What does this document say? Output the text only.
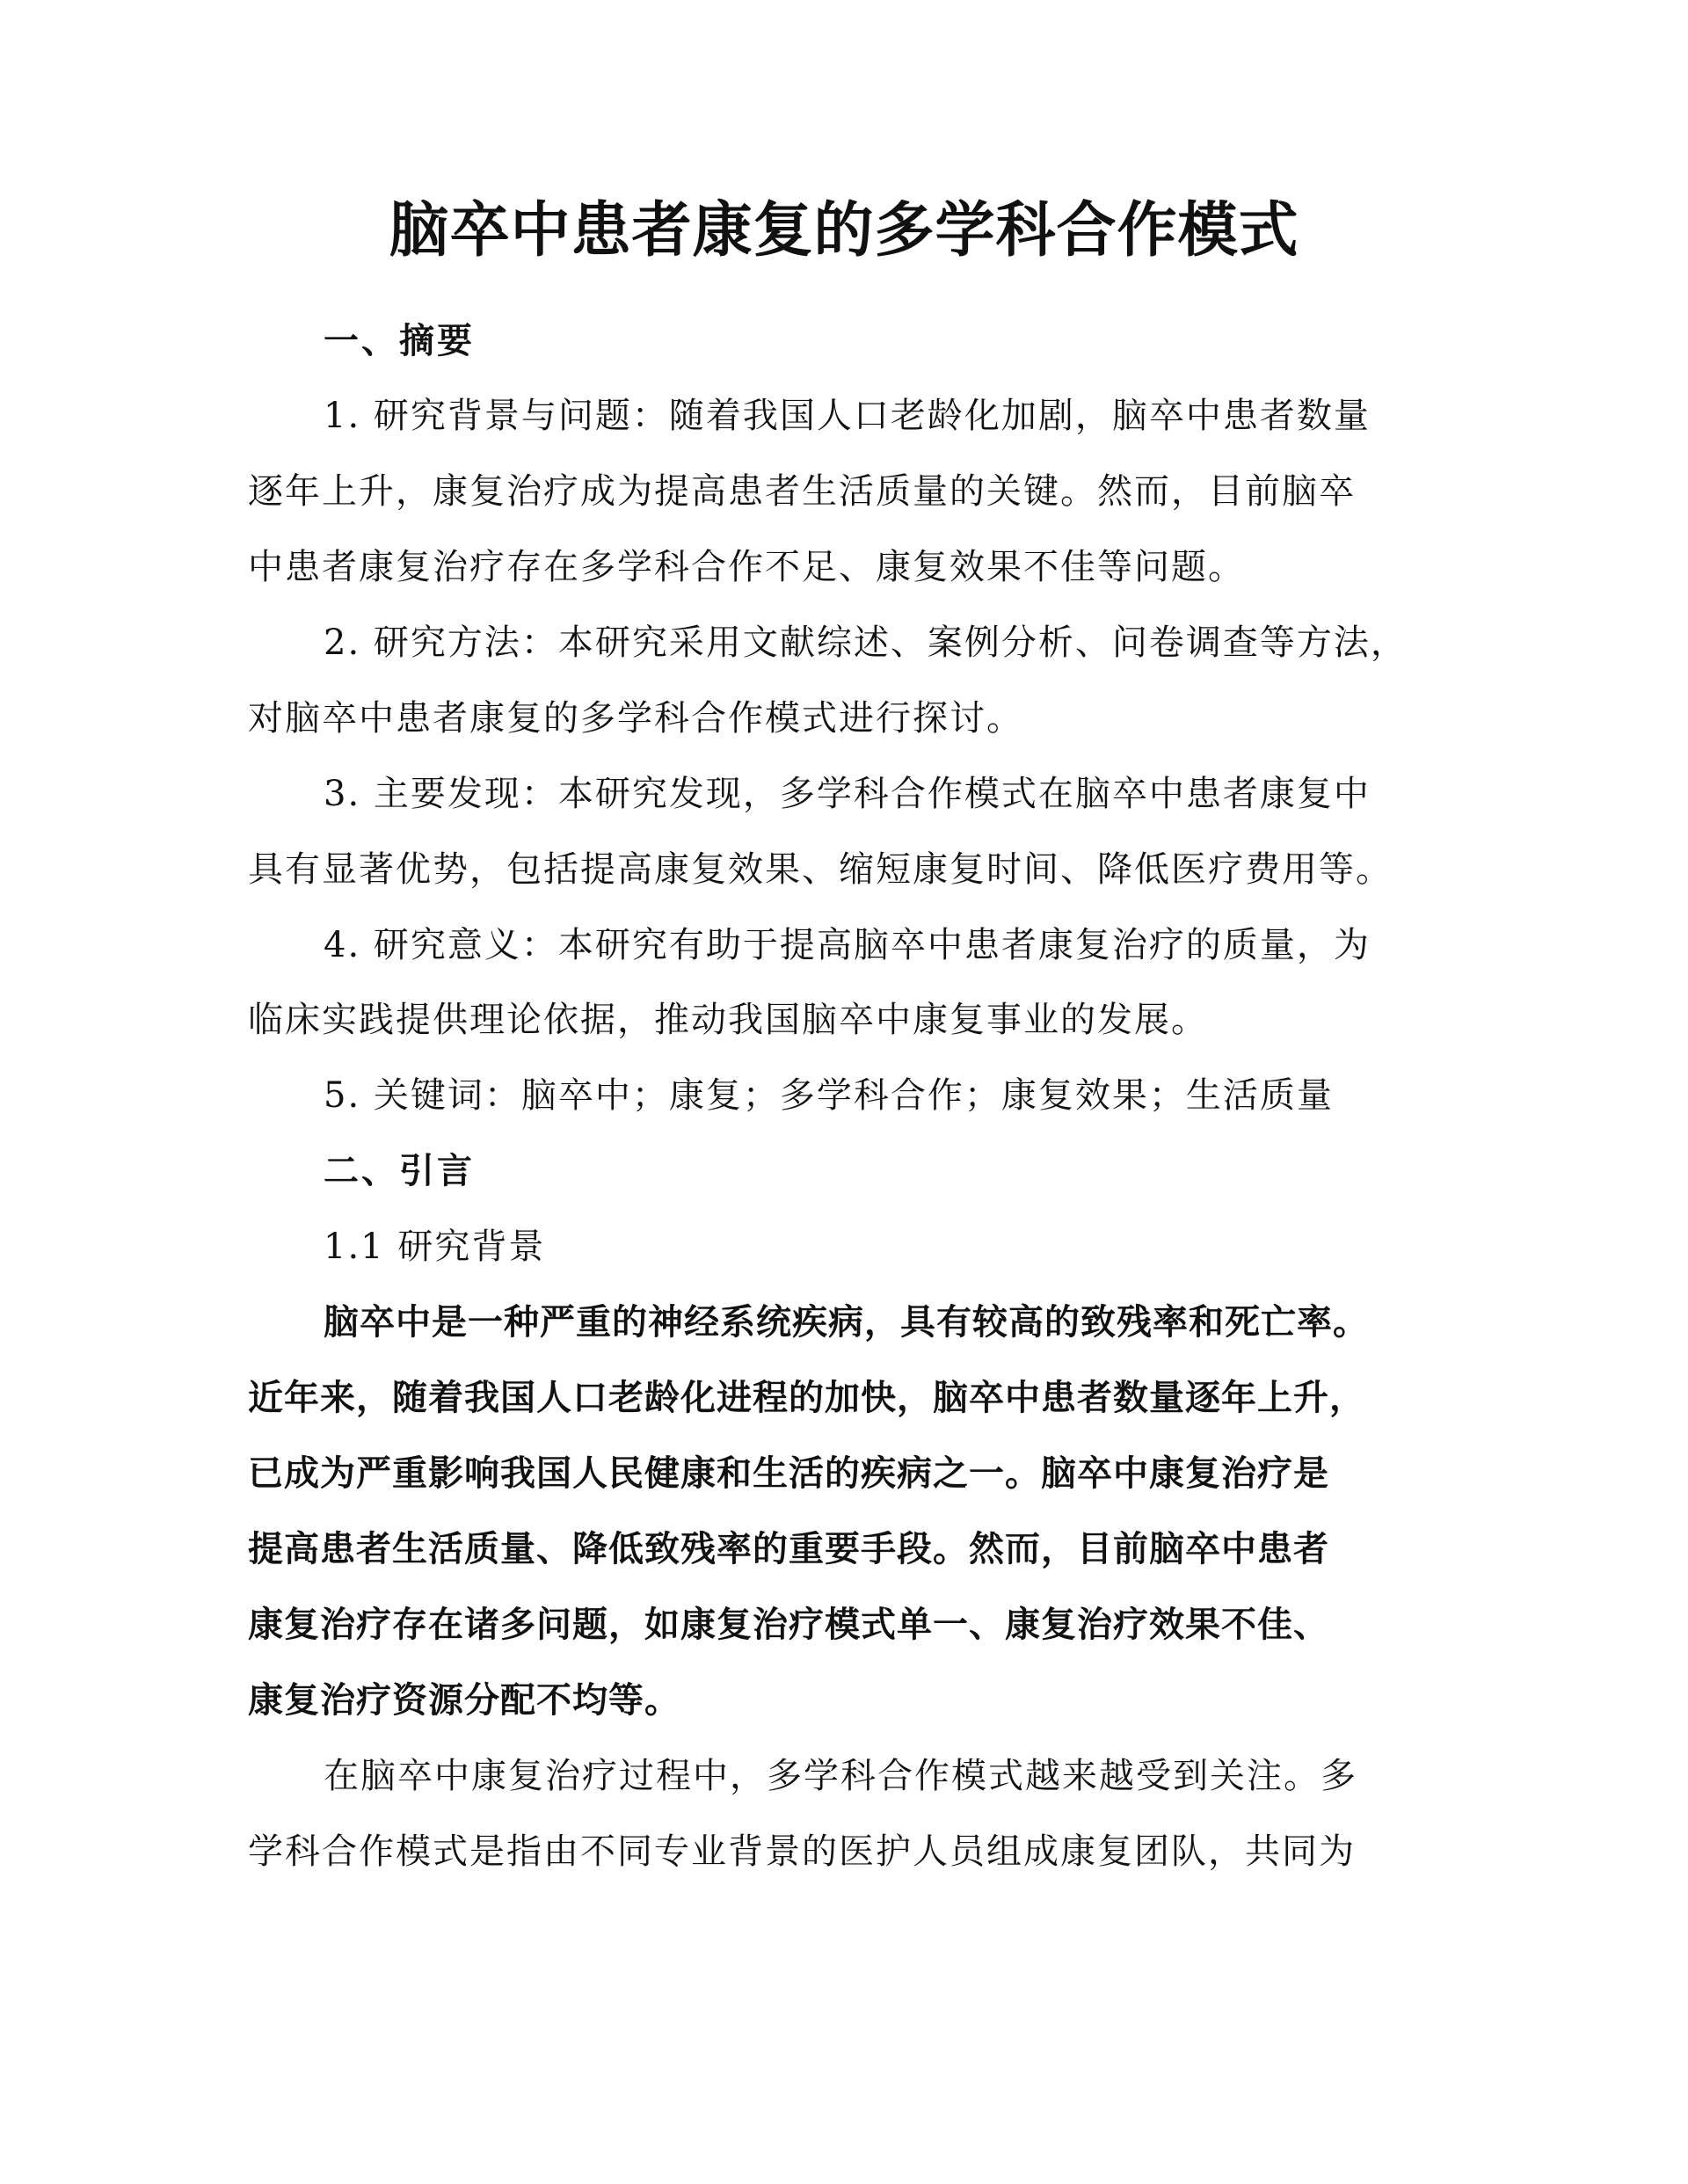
脑卒中患者康复的多学科合作模式
一、摘要
1. 研究背景与问题：随着我国人口老龄化加剧，脑卒中患者数量
逐年上升，康复治疗成为提高患者生活质量的关键。然而，目前脑卒
中患者康复治疗存在多学科合作不足、康复效果不佳等问题。
2. 研究方法：本研究采用文献综述、案例分析、问卷调查等方法，
对脑卒中患者康复的多学科合作模式进行探讨。
3. 主要发现：本研究发现，多学科合作模式在脑卒中患者康复中
具有显著优势，包括提高康复效果、缩短康复时间、降低医疗费用等。
4. 研究意义：本研究有助于提高脑卒中患者康复治疗的质量，为
临床实践提供理论依据，推动我国脑卒中康复事业的发展。
5. 关键词：脑卒中；康复；多学科合作；康复效果；生活质量
二、引言
1.1 研究背景
脑卒中是一种严重的神经系统疾病，具有较高的致残率和死亡率。
近年来，随着我国人口老龄化进程的加快，脑卒中患者数量逐年上升，
已成为严重影响我国人民健康和生活的疾病之一。脑卒中康复治疗是
提高患者生活质量、降低致残率的重要手段。然而，目前脑卒中患者
康复治疗存在诸多问题，如康复治疗模式单一、康复治疗效果不佳、
康复治疗资源分配不均等。
在脑卒中康复治疗过程中，多学科合作模式越来越受到关注。多
学科合作模式是指由不同专业背景的医护人员组成康复团队，共同为
